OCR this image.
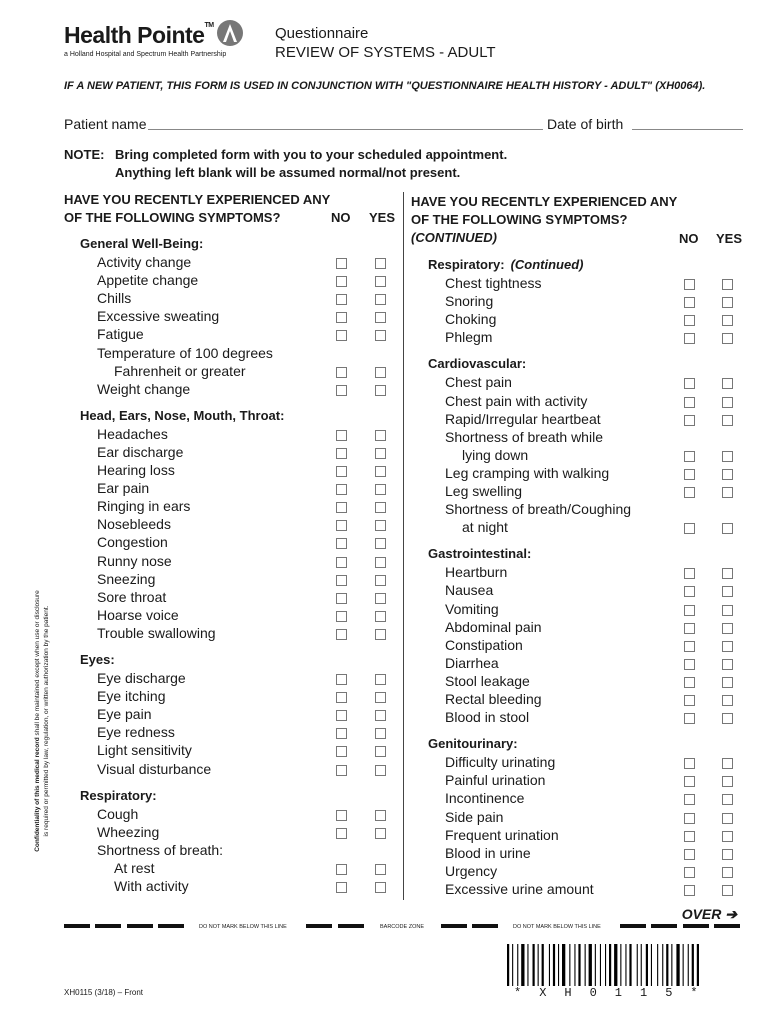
Health Pointe™
a Holland Hospital and Spectrum Health Partnership
Questionnaire
REVIEW OF SYSTEMS - ADULT
IF A NEW PATIENT, THIS FORM IS USED IN CONJUNCTION WITH "QUESTIONNAIRE HEALTH HISTORY - ADULT" (XH0064).
Patient name	Date of birth
NOTE: Bring completed form with you to your scheduled appointment.
Anything left blank will be assumed normal/not present.
HAVE YOU RECENTLY EXPERIENCED ANY
OF THE FOLLOWING SYMPTOMS?	NO YES
HAVE YOU RECENTLY EXPERIENCED ANY
OF THE FOLLOWING SYMPTOMS?
(CONTINUED)	NO YES
General Well-Being:
Activity change
Appetite change
Chills
Excessive sweating
Fatigue
Temperature of 100 degrees
Fahrenheit or greater
Weight change
Head, Ears, Nose, Mouth, Throat:
Headaches
Ear discharge
Hearing loss
Ear pain
Ringing in ears
Nosebleeds
Congestion
Runny nose
Sneezing
Sore throat
Hoarse voice
Trouble swallowing
Eyes:
Eye discharge
Eye itching
Eye pain
Eye redness
Light sensitivity
Visual disturbance
Respiratory:
Cough
Wheezing
Shortness of breath:
At rest
With activity
Respiratory: (Continued)
Chest tightness
Snoring
Choking
Phlegm
Cardiovascular:
Chest pain
Chest pain with activity
Rapid/Irregular heartbeat
Shortness of breath while
lying down
Leg cramping with walking
Leg swelling
Shortness of breath/Coughing
at night
Gastrointestinal:
Heartburn
Nausea
Vomiting
Abdominal pain
Constipation
Diarrhea
Stool leakage
Rectal bleeding
Blood in stool
Genitourinary:
Difficulty urinating
Painful urination
Incontinence
Side pain
Frequent urination
Blood in urine
Urgency
Excessive urine amount
OVER ➔
DO NOT MARK BELOW THIS LINE	BARCODE ZONE	DO NOT MARK BELOW THIS LINE
*XH0115*
XH0115 (3/18) – Front
Confidentiality of this medical record shall be maintained except when use or disclosure is required or permitted by law, regulation, or written authorization by the patient.
